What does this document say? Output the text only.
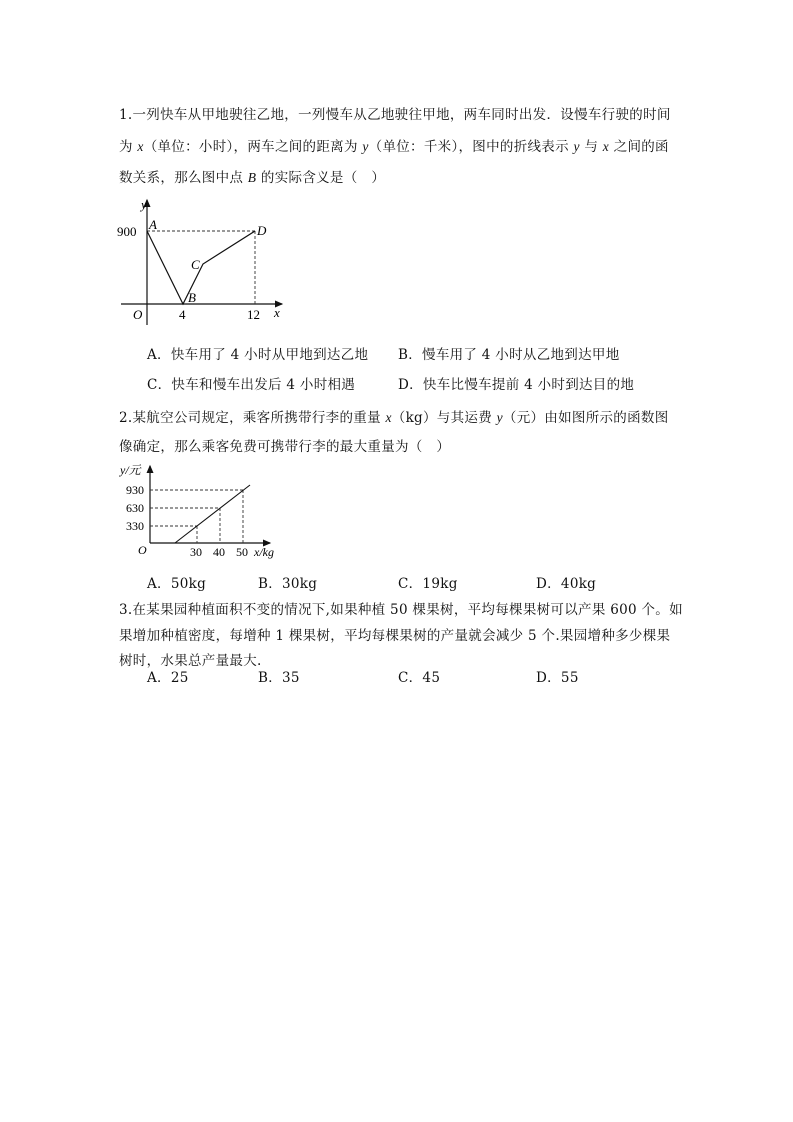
1.一列快车从甲地驶往乙地，一列慢车从乙地驶往甲地，两车同时出发．设慢车行驶的时间
为 x（单位：小时），两车之间的距离为 y（单位：千米），图中的折线表示 y 与 x 之间的函
数关系，那么图中点 B 的实际含义是（　）
y
900 A	D
C
B
O	4	12 x
A．快车用了 4 小时从甲地到达乙地 B．慢车用了 4 小时从乙地到达甲地
C．快车和慢车出发后 4 小时相遇	D．快车比慢车提前 4 小时到达目的地
2.某航空公司规定，乘客所携带行李的重量 x（kg）与其运费 y（元）由如图所示的函数图
像确定，那么乘客免费可携带行李的最大重量为（　）
y/元
930
630
330
O	30 40 50 x/kg
A．50kg	B．30kg	C．19kg	D．40kg
3.在某果园种植面积不变的情况下,如果种植 50 棵果树，平均每棵果树可以产果 600 个。如
果增加种植密度，每增种 1 棵果树，平均每棵果树的产量就会减少 5 个.果园增种多少棵果
树时，水果总产量最大.
A．25	B．35	C．45	D．55
